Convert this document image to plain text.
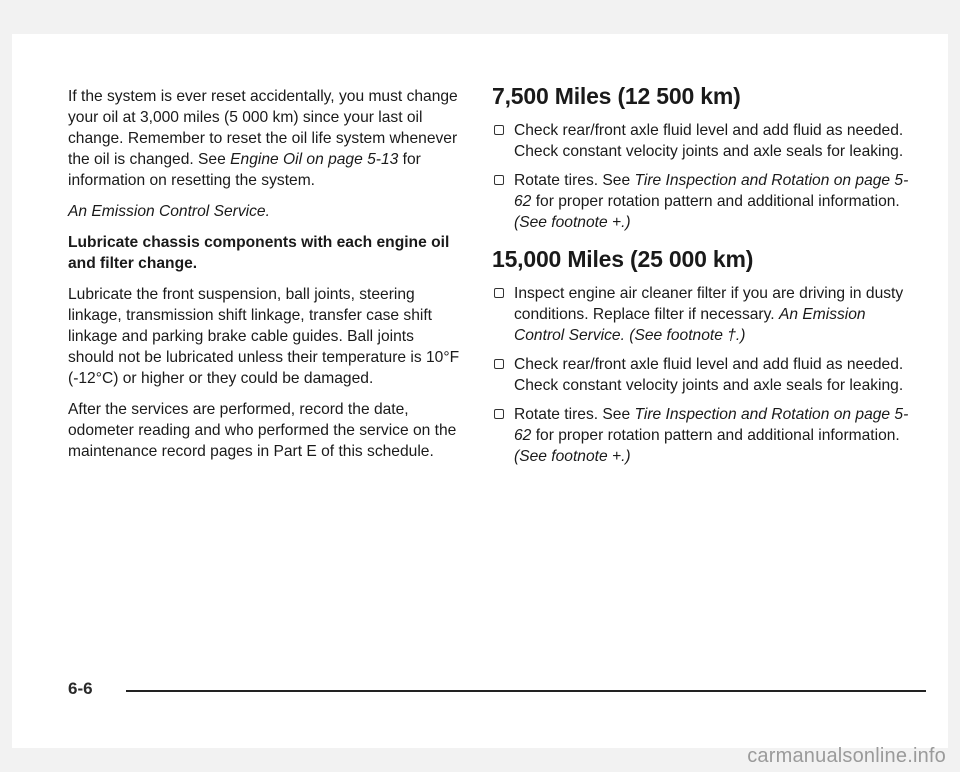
If the system is ever reset accidentally, you must change your oil at 3,000 miles (5 000 km) since your last oil change. Remember to reset the oil life system whenever the oil is changed. See Engine Oil on page 5-13 for information on resetting the system.

An Emission Control Service.

Lubricate chassis components with each engine oil and filter change.

Lubricate the front suspension, ball joints, steering linkage, transmission shift linkage, transfer case shift linkage and parking brake cable guides. Ball joints should not be lubricated unless their temperature is 10°F (-12°C) or higher or they could be damaged.

After the services are performed, record the date, odometer reading and who performed the service on the maintenance record pages in Part E of this schedule.

7,500 Miles (12 500 km)
Check rear/front axle fluid level and add fluid as needed. Check constant velocity joints and axle seals for leaking.
Rotate tires. See Tire Inspection and Rotation on page 5-62 for proper rotation pattern and additional information. (See footnote +.)
15,000 Miles (25 000 km)
Inspect engine air cleaner filter if you are driving in dusty conditions. Replace filter if necessary. An Emission Control Service. (See footnote †.)
Check rear/front axle fluid level and add fluid as needed. Check constant velocity joints and axle seals for leaking.
Rotate tires. See Tire Inspection and Rotation on page 5-62 for proper rotation pattern and additional information. (See footnote +.)
6-6
carmanualsonline.info
